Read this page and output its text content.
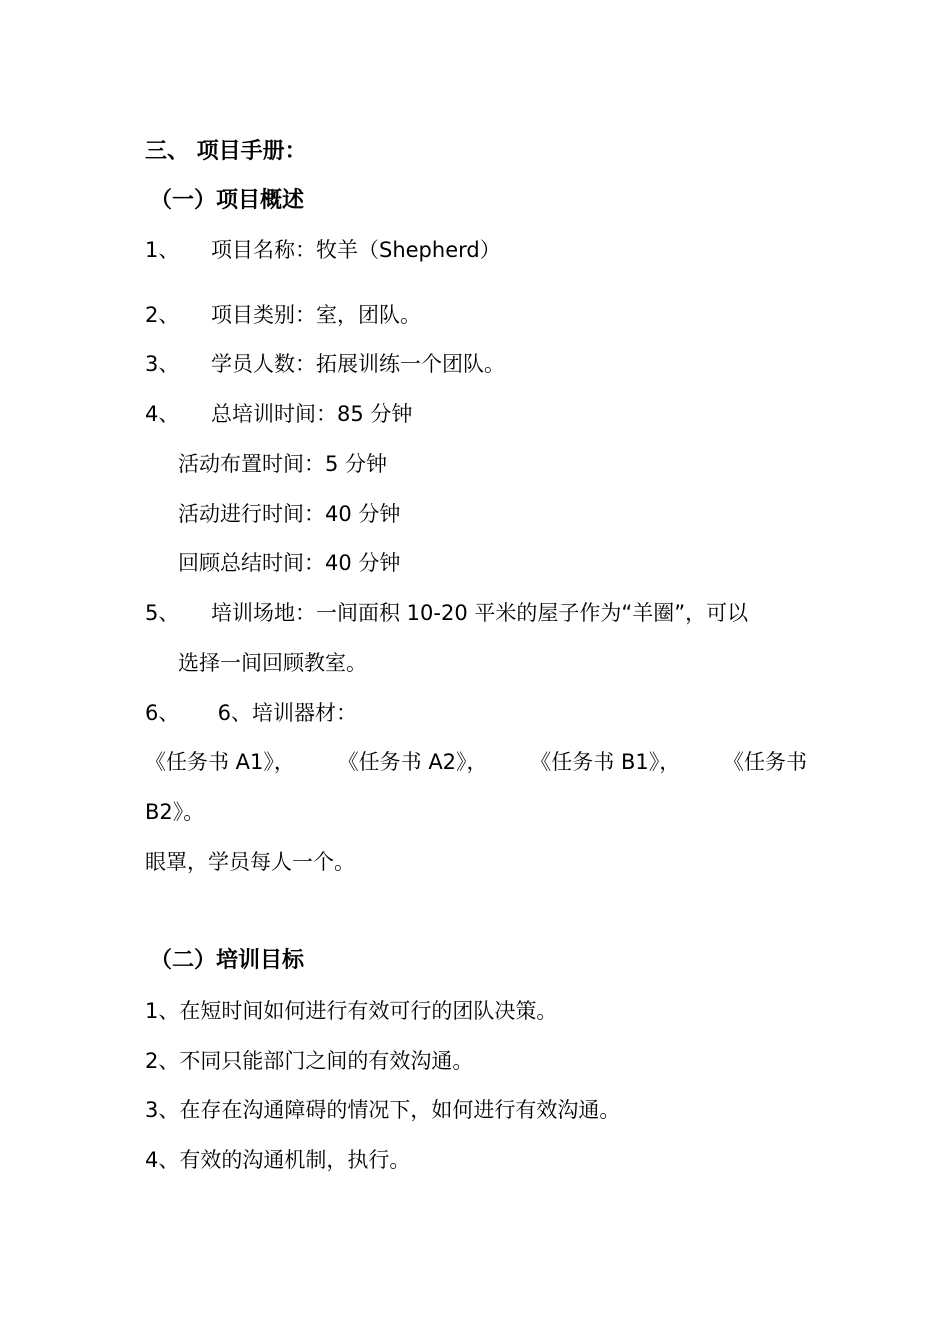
三、 项目手册：
（一）项目概述
1、 项目名称：牧羊（Shepherd）
2、 项目类别：室，团队。
3、 学员人数：拓展训练一个团队。
4、 总培训时间：85 分钟
活动布置时间：5 分钟
活动进行时间：40 分钟
回顾总结时间：40 分钟
5、 培训场地：一间面积 10-20 平米的屋子作为“羊圈”，可以
选择一间回顾教室。
6、 6、培训器材：
《任务书 A1》， 《任务书 A2》， 《任务书 B1》， 《任务书
B2》。
眼罩，学员每人一个。
（二）培训目标
1、在短时间如何进行有效可行的团队决策。
2、不同只能部门之间的有效沟通。
3、在存在沟通障碍的情况下，如何进行有效沟通。
4、有效的沟通机制，执行。
